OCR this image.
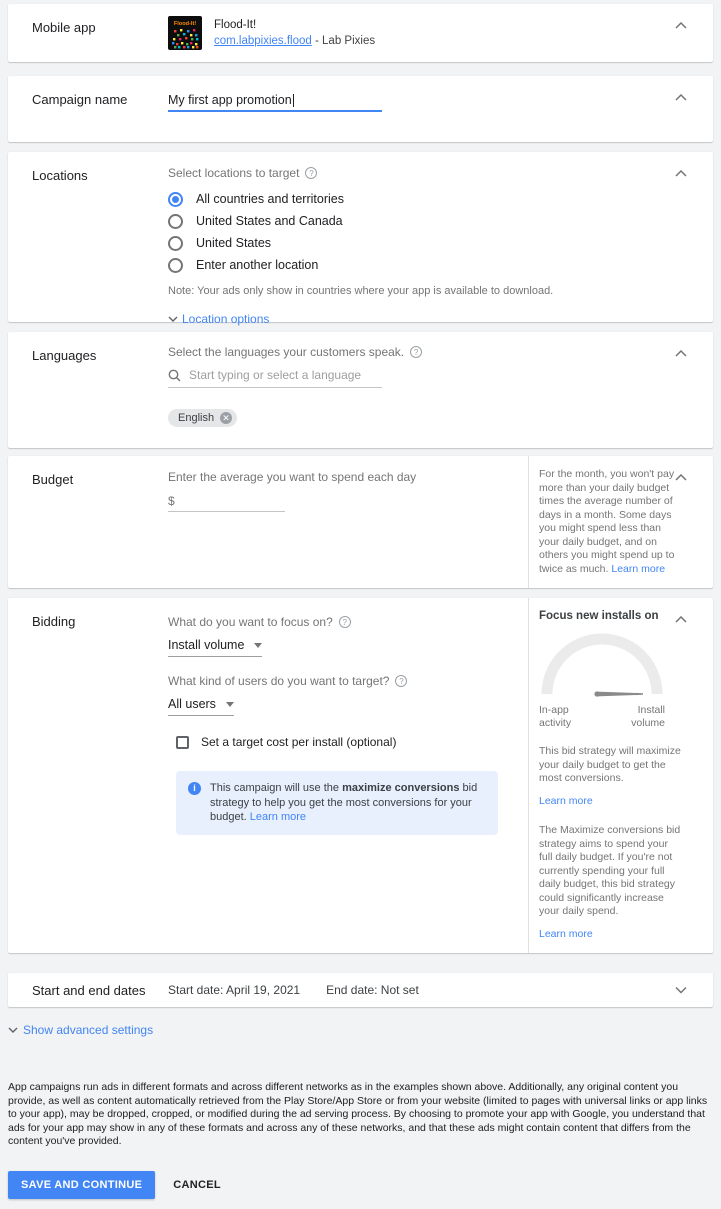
Mobile app	Flood-It! Flood-It!
com.labpixies.flood - Lab Pixies
Campaign name	My first app promotion
Locations	Select locations to target	?
All countries and territories
United States and Canada
United States
Enter another location
Note: Your ads only show in countries where your app is available to download.
Location options
Languages	Select the languages your customers speak.	?
Start typing or select a language
English ✕
Budget	Enter the average you want to spend each day
$
For the month, you won't pay more than your daily budget times the average number of days in a month. Some days you might spend less than your daily budget, and on others you might spend up to twice as much. Learn more
Bidding	What do you want to focus on?	?
Install volume
What kind of users do you want to target?	?
All users
Set a target cost per install (optional)
i	This campaign will use the maximize conversions bid strategy to help you get the most conversions for your budget. Learn more
Focus new installs on
In-app activity
Install volume
This bid strategy will maximize your daily budget to get the most conversions.
Learn more
The Maximize conversions bid strategy aims to spend your full daily budget. If you're not currently spending your full daily budget, this bid strategy could significantly increase your daily spend.
Learn more
Start and end dates	Start date: April 19, 2021 End date: Not set
Show advanced settings

App campaigns run ads in different formats and across different networks as in the examples shown above. Additionally, any original content you provide, as well as content automatically retrieved from the Play Store/App Store or from your website (limited to pages with universal links or app links to your app), may be dropped, cropped, or modified during the ad serving process. By choosing to promote your app with Google, you understand that ads for your app may show in any of these formats and across any of these networks, and that these ads might contain content that differs from the content you've provided.

SAVE AND CONTINUE	CANCEL
